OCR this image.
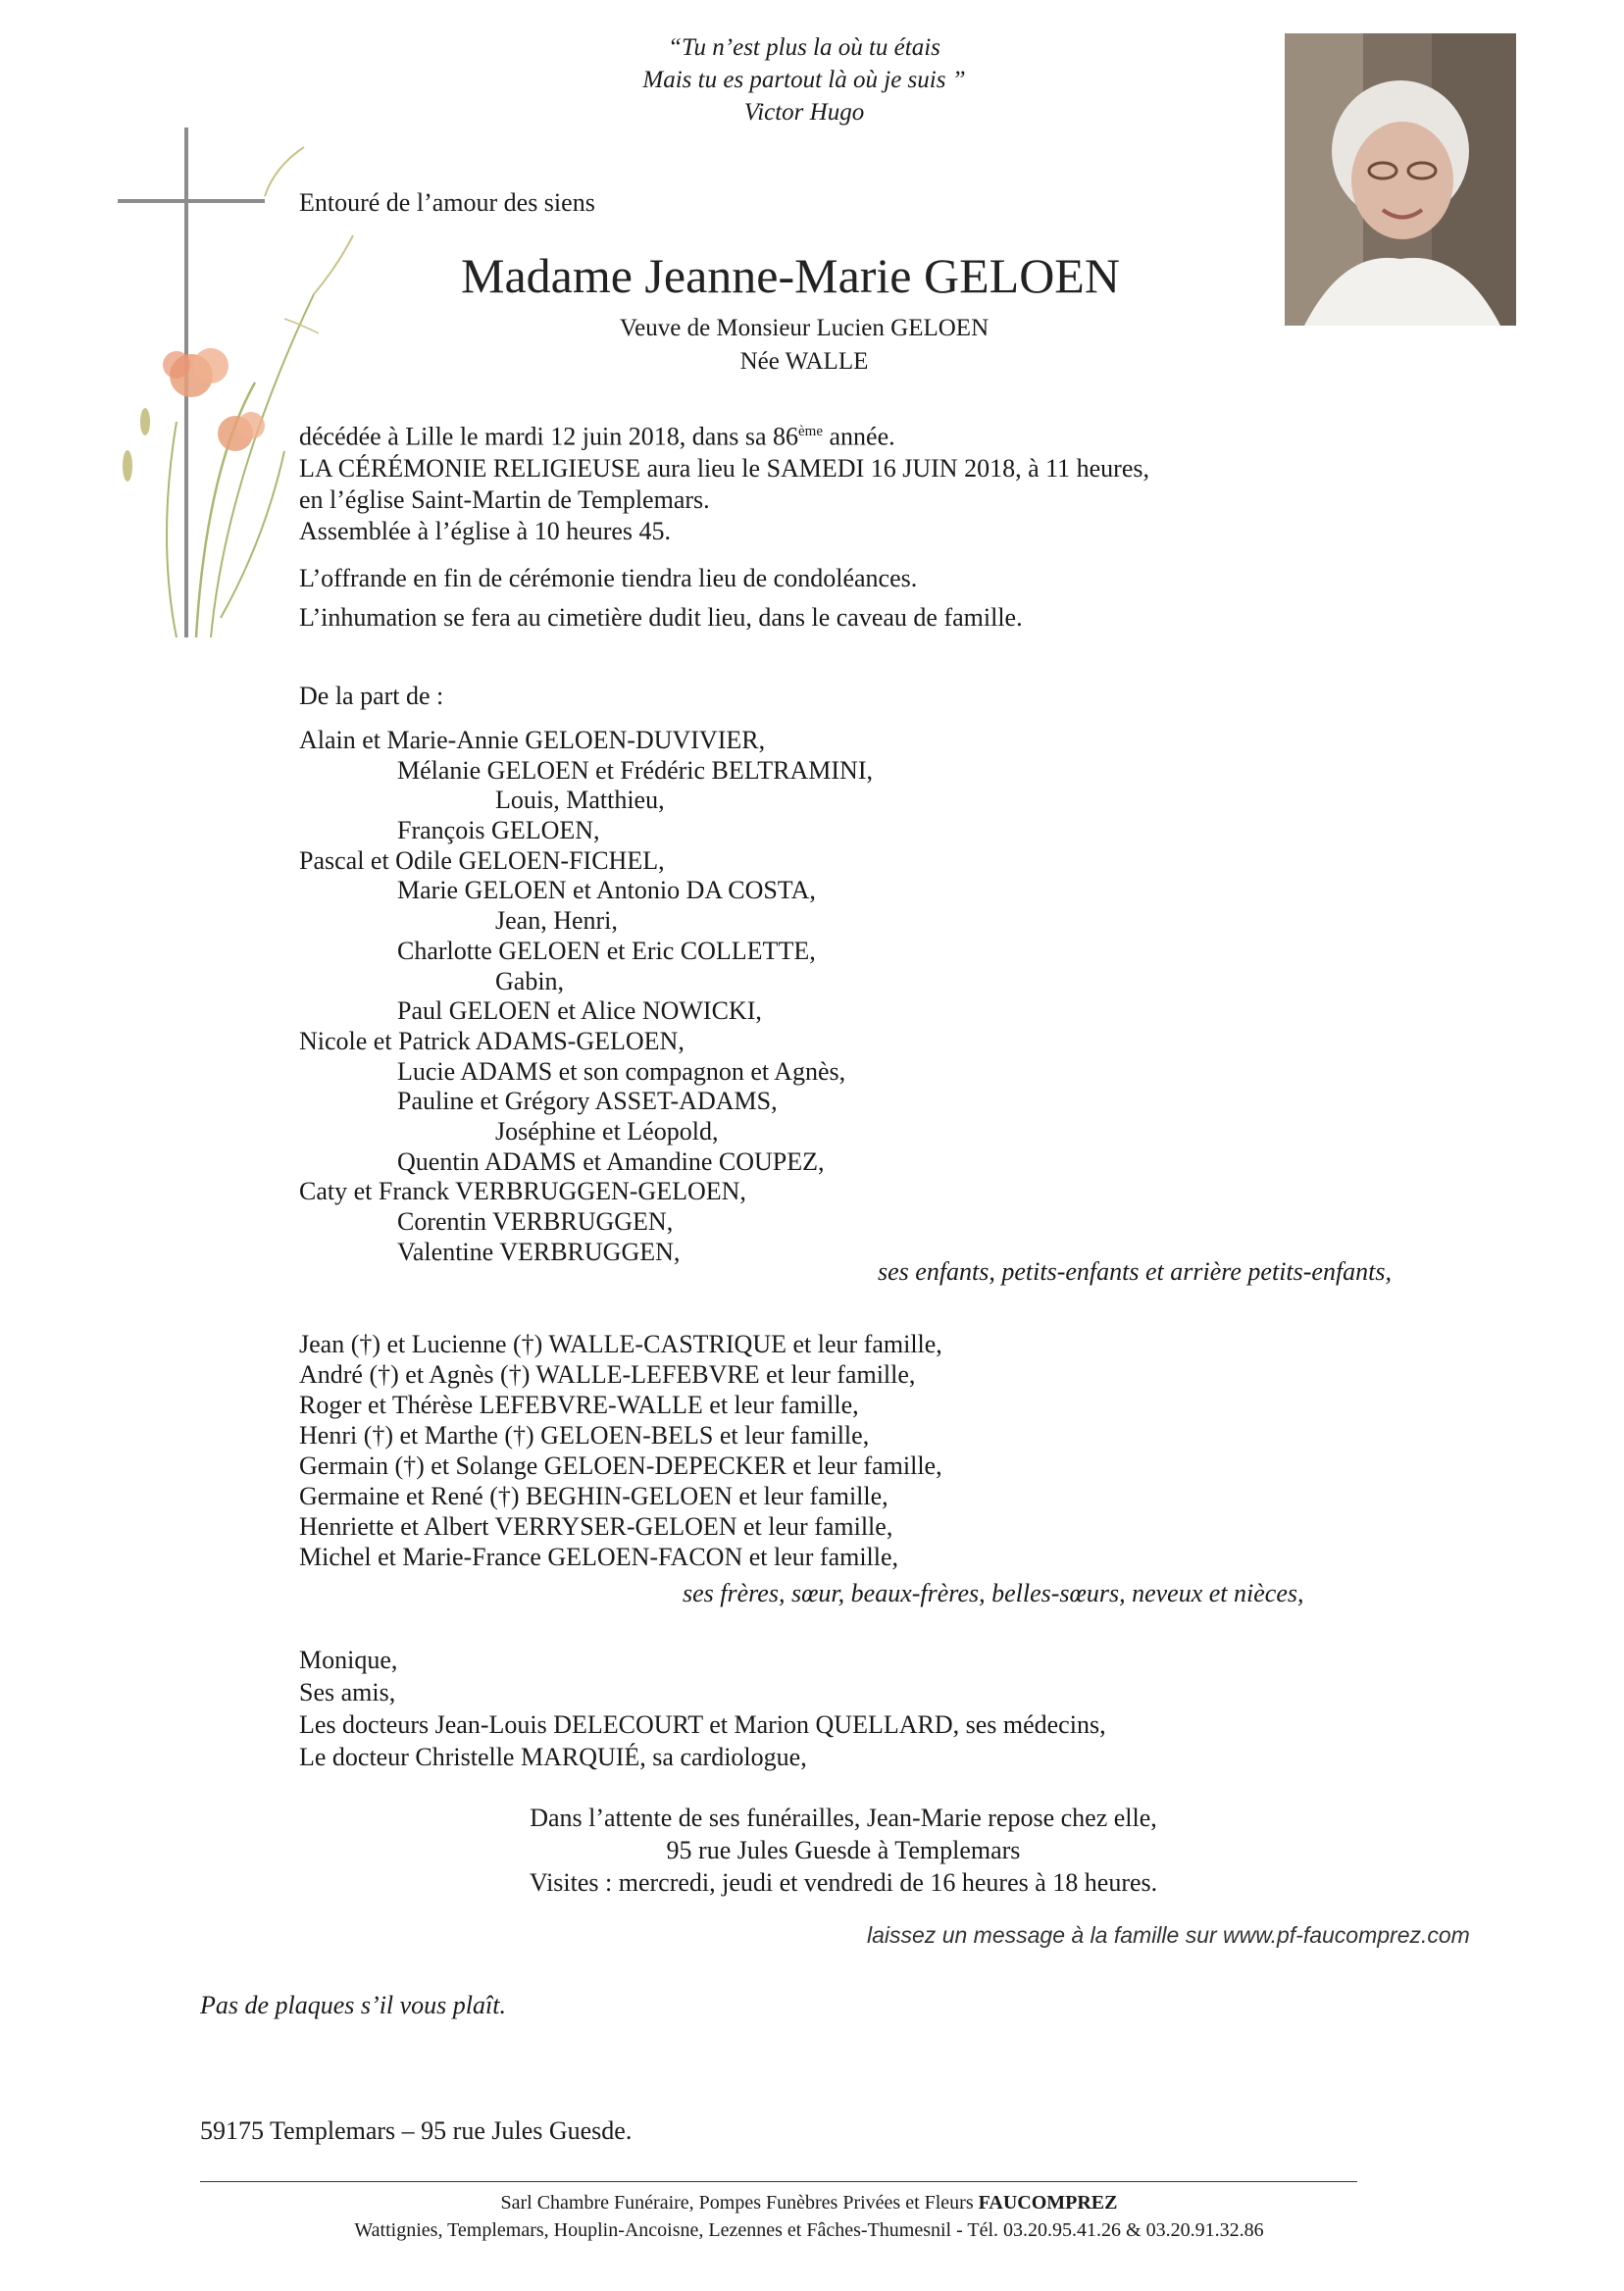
“Tu n’est plus la où tu étais
Mais tu es partout là où je suis ”
Victor Hugo
Entouré de l’amour des siens
Madame Jeanne-Marie GELOEN
Veuve de Monsieur Lucien GELOEN
Née WALLE
décédée à Lille le mardi 12 juin 2018, dans sa 86ème année.
LA CÉRÉMONIE RELIGIEUSE aura lieu le SAMEDI 16 JUIN 2018, à 11 heures,
en l’église Saint-Martin de Templemars.
Assemblée à l’église à 10 heures 45.
L’offrande en fin de cérémonie tiendra lieu de condoléances.
L’inhumation se fera au cimetière dudit lieu, dans le caveau de famille.
De la part de :
Alain et Marie-Annie GELOEN-DUVIVIER,
Mélanie GELOEN et Frédéric BELTRAMINI,
Louis, Matthieu,
François GELOEN,
Pascal et Odile GELOEN-FICHEL,
Marie GELOEN et Antonio DA COSTA,
Jean, Henri,
Charlotte GELOEN et Eric COLLETTE,
Gabin,
Paul GELOEN et Alice NOWICKI,
Nicole et Patrick ADAMS-GELOEN,
Lucie ADAMS et son compagnon et Agnès,
Pauline et Grégory ASSET-ADAMS,
Joséphine et Léopold,
Quentin ADAMS et Amandine COUPEZ,
Caty et Franck VERBRUGGEN-GELOEN,
Corentin VERBRUGGEN,
Valentine VERBRUGGEN,
ses enfants, petits-enfants et arrière petits-enfants,
Jean (†) et Lucienne (†) WALLE-CASTRIQUE et leur famille,
André (†) et Agnès (†) WALLE-LEFEBVRE et leur famille,
Roger et Thérèse LEFEBVRE-WALLE et leur famille,
Henri (†) et Marthe (†) GELOEN-BELS et leur famille,
Germain (†) et Solange GELOEN-DEPECKER et leur famille,
Germaine et René (†) BEGHIN-GELOEN et leur famille,
Henriette et Albert VERRYSER-GELOEN et leur famille,
Michel et Marie-France GELOEN-FACON et leur famille,
ses frères, sœur, beaux-frères, belles-sœurs, neveux et nièces,
Monique,
Ses amis,
Les docteurs Jean-Louis DELECOURT et Marion QUELLARD, ses médecins,
Le docteur Christelle MARQUIÉ, sa cardiologue,
Dans l’attente de ses funérailles, Jean-Marie repose chez elle,
95 rue Jules Guesde à Templemars
Visites : mercredi, jeudi et vendredi de 16 heures à 18 heures.
laissez un message à la famille sur www.pf-faucomprez.com
Pas de plaques s’il vous plaît.
59175 Templemars – 95 rue Jules Guesde.
Sarl Chambre Funéraire, Pompes Funèbres Privées et Fleurs FAUCOMPREZ
Wattignies, Templemars, Houplin-Ancoisne, Lezennes et Fâches-Thumesnil - Tél. 03.20.95.41.26 & 03.20.91.32.86
